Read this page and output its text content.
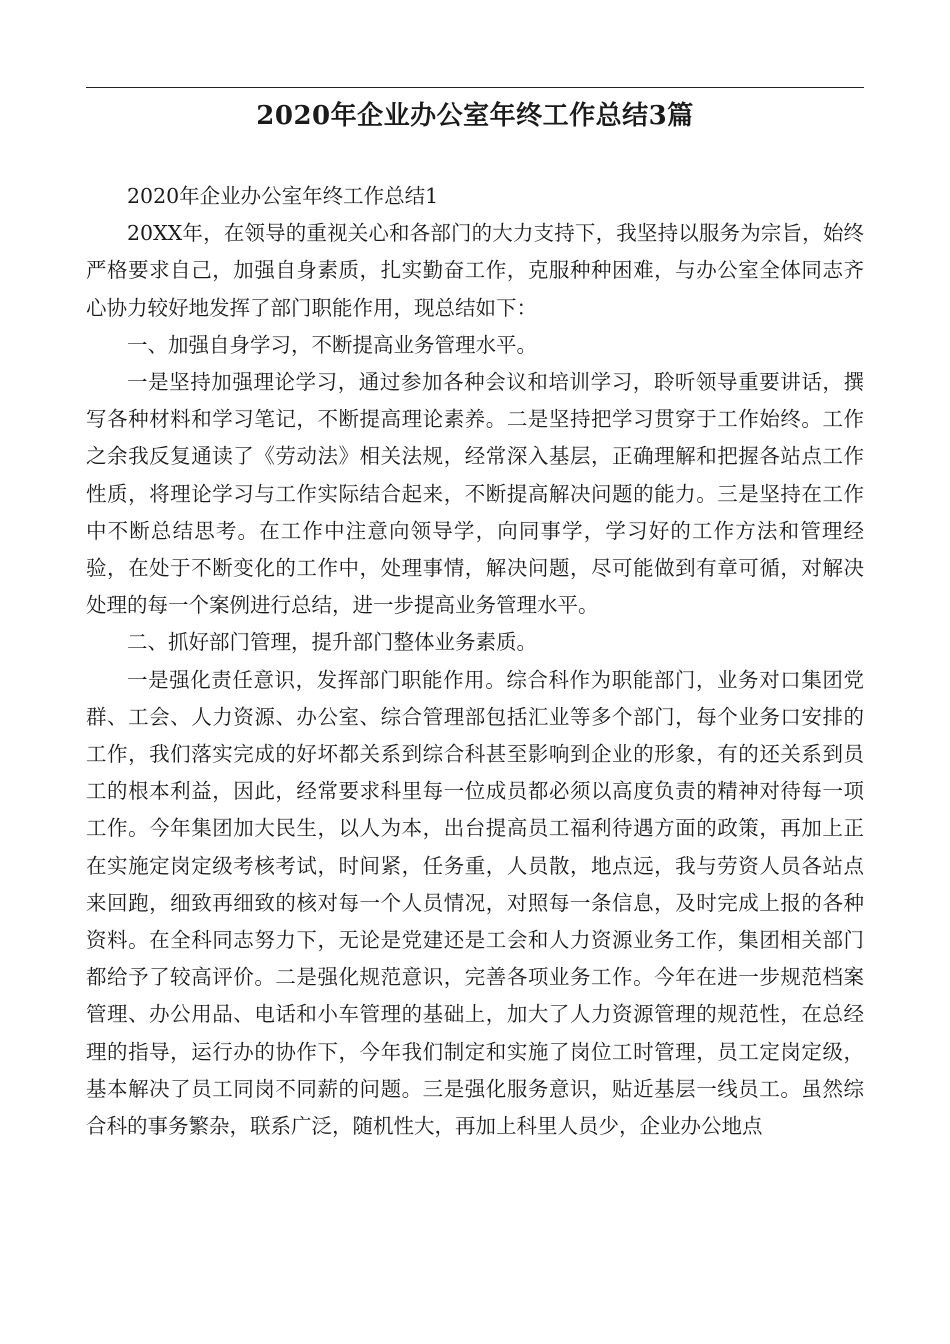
2020年企业办公室年终工作总结3篇

2020年企业办公室年终工作总结1

20XX年，在领导的重视关心和各部门的大力支持下，我坚持以服务为宗旨，始终严格要求自己，加强自身素质，扎实勤奋工作，克服种种困难，与办公室全体同志齐心协力较好地发挥了部门职能作用，现总结如下：

一、加强自身学习，不断提高业务管理水平。

一是坚持加强理论学习，通过参加各种会议和培训学习，聆听领导重要讲话，撰写各种材料和学习笔记，不断提高理论素养。二是坚持把学习贯穿于工作始终。工作之余我反复通读了《劳动法》相关法规，经常深入基层，正确理解和把握各站点工作性质，将理论学习与工作实际结合起来，不断提高解决问题的能力。三是坚持在工作中不断总结思考。在工作中注意向领导学，向同事学，学习好的工作方法和管理经验，在处于不断变化的工作中，处理事情，解决问题，尽可能做到有章可循，对解决处理的每一个案例进行总结，进一步提高业务管理水平。

二、抓好部门管理，提升部门整体业务素质。

一是强化责任意识，发挥部门职能作用。综合科作为职能部门，业务对口集团党群、工会、人力资源、办公室、综合管理部包括汇业等多个部门，每个业务口安排的工作，我们落实完成的好坏都关系到综合科甚至影响到企业的形象，有的还关系到员工的根本利益，因此，经常要求科里每一位成员都必须以高度负责的精神对待每一项工作。今年集团加大民生，以人为本，出台提高员工福利待遇方面的政策，再加上正在实施定岗定级考核考试，时间紧，任务重，人员散，地点远，我与劳资人员各站点来回跑，细致再细致的核对每一个人员情况，对照每一条信息，及时完成上报的各种资料。在全科同志努力下，无论是党建还是工会和人力资源业务工作，集团相关部门都给予了较高评价。二是强化规范意识，完善各项业务工作。今年在进一步规范档案管理、办公用品、电话和小车管理的基础上，加大了人力资源管理的规范性，在总经理的指导，运行办的协作下，今年我们制定和实施了岗位工时管理，员工定岗定级，基本解决了员工同岗不同薪的问题。三是强化服务意识，贴近基层一线员工。虽然综合科的事务繁杂，联系广泛，随机性大，再加上科里人员少，企业办公地点
